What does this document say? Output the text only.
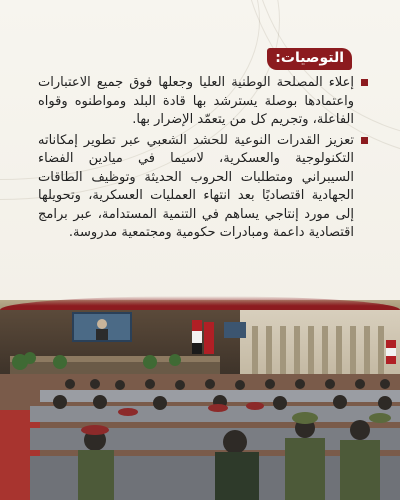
التوصيات:
إعلاء المصلحة الوطنية العليا وجعلها فوق جميع الاعتبارات واعتمادها بوصلة يسترشد بها قادة البلد ومواطنوه وقواه الفاعلة، وتجريم كل من يتعمّد الإضرار بها.
تعزيز القدرات النوعية للحشد الشعبي عبر تطوير إمكاناته التكنولوجية والعسكرية، لاسيما في ميادين الفضاء السيبراني ومتطلبات الحروب الحديثة وتوظيف الطاقات الجهادية اقتصاديًا بعد انتهاء العمليات العسكرية، وتحويلها إلى مورد إنتاجي يساهم في التنمية المستدامة، عبر برامج اقتصادية داعمة ومبادرات حكومية ومجتمعية مدروسة.
